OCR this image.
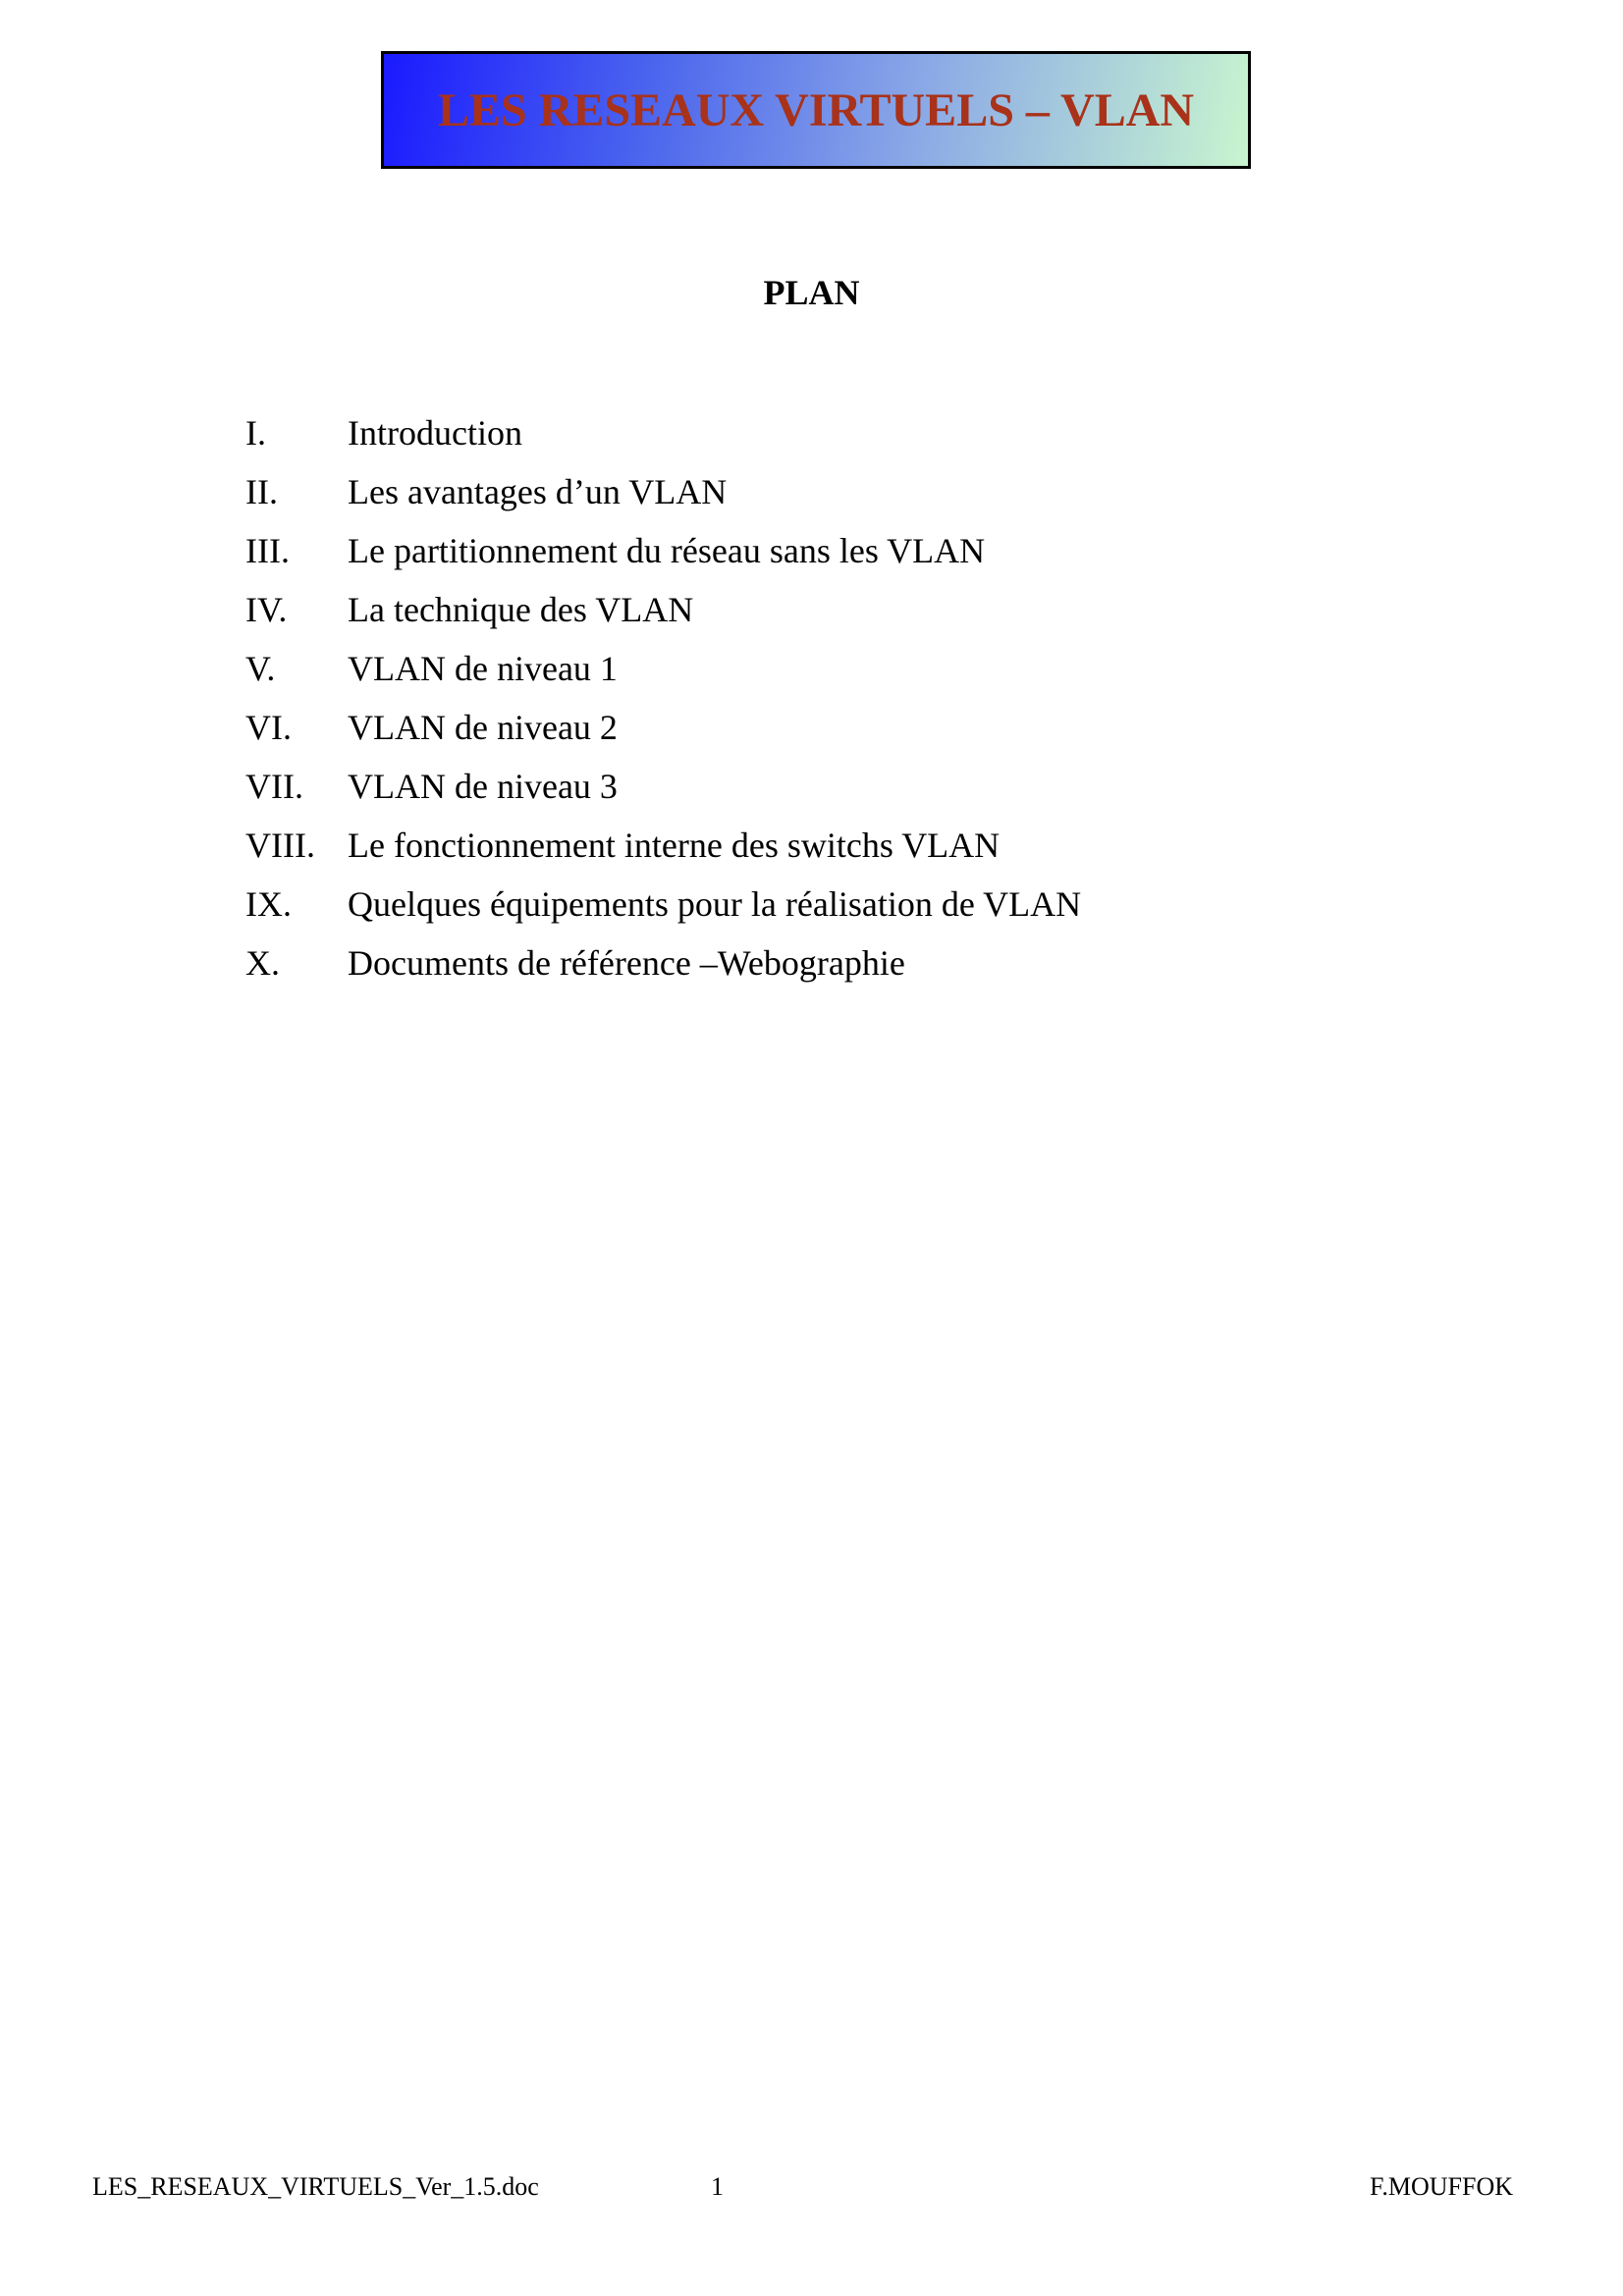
LES RESEAUX VIRTUELS – VLAN
PLAN
I.	Introduction
II.	Les avantages d’un VLAN
III.	Le partitionnement du réseau sans les VLAN
IV.	La technique des VLAN
V.	VLAN de niveau 1
VI.	VLAN de niveau 2
VII.	VLAN de niveau 3
VIII. Le fonctionnement interne des switchs VLAN
IX.	Quelques équipements pour la réalisation de VLAN
X.	Documents de référence –Webographie
LES_RESEAUX_VIRTUELS_Ver_1.5.doc	1	F.MOUFFOK
